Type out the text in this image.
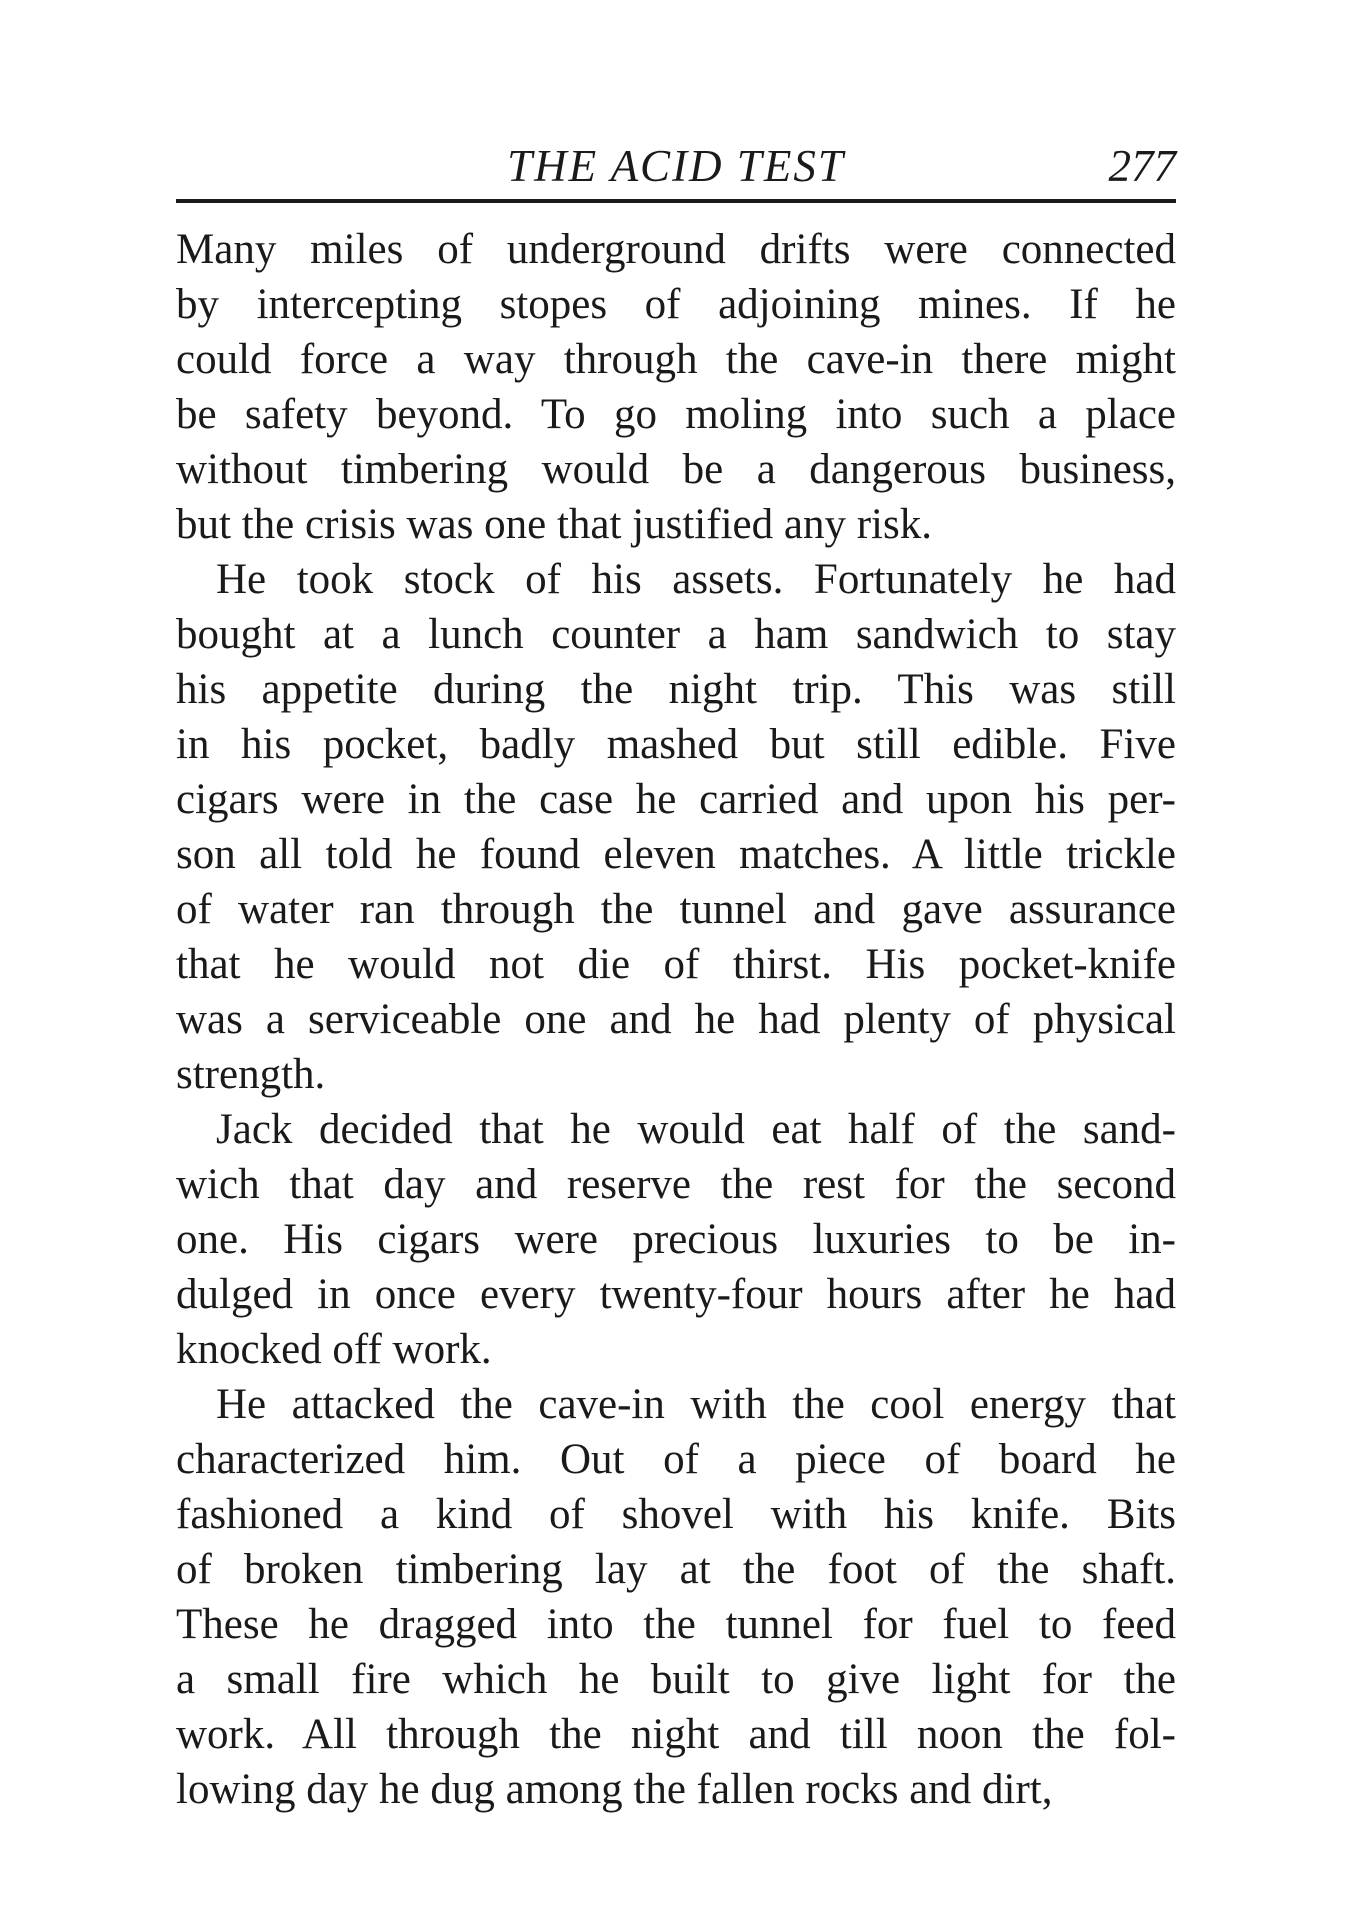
THE ACID TEST	277
Many miles of underground drifts were connected
by intercepting stopes of adjoining mines. If he
could force a way through the cave-in there might
be safety beyond. To go moling into such a place
without timbering would be a dangerous business,
but the crisis was one that justified any risk.
He took stock of his assets. Fortunately he had
bought at a lunch counter a ham sandwich to stay
his appetite during the night trip. This was still
in his pocket, badly mashed but still edible. Five
cigars were in the case he carried and upon his per-
son all told he found eleven matches. A little trickle
of water ran through the tunnel and gave assurance
that he would not die of thirst. His pocket-knife
was a serviceable one and he had plenty of physical
strength.
Jack decided that he would eat half of the sand-
wich that day and reserve the rest for the second
one. His cigars were precious luxuries to be in-
dulged in once every twenty-four hours after he had
knocked off work.
He attacked the cave-in with the cool energy that
characterized him. Out of a piece of board he
fashioned a kind of shovel with his knife. Bits
of broken timbering lay at the foot of the shaft.
These he dragged into the tunnel for fuel to feed
a small fire which he built to give light for the
work. All through the night and till noon the fol-
lowing day he dug among the fallen rocks and dirt,
